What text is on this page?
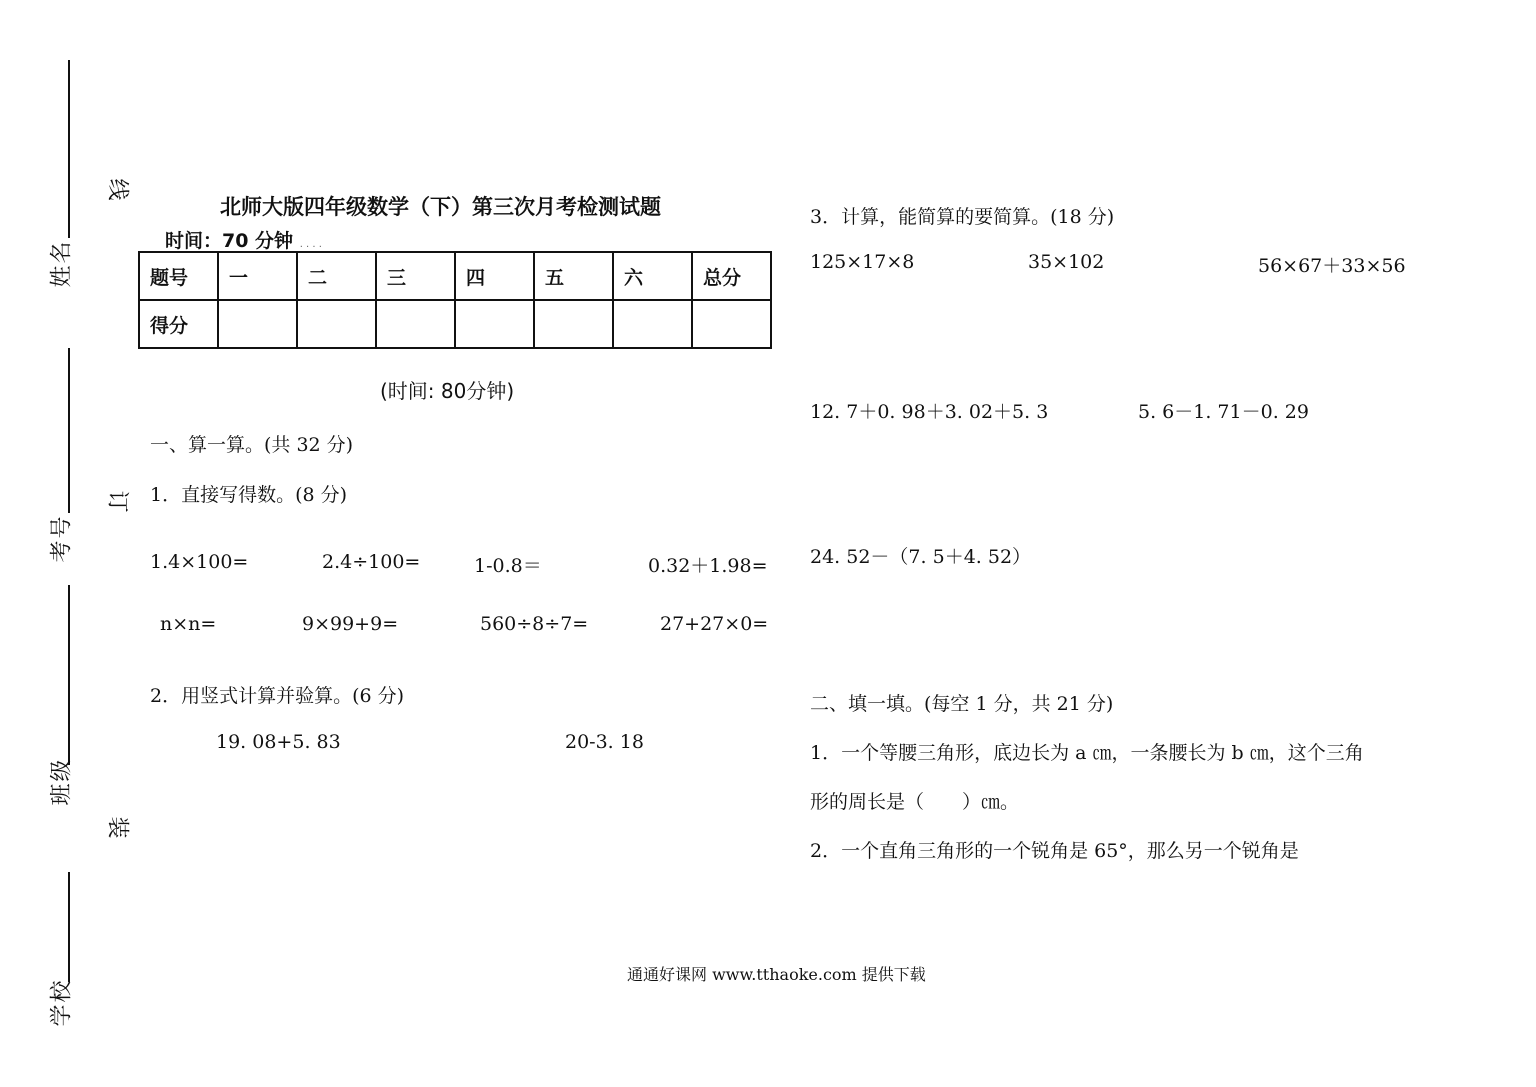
姓名
考号
班级
学校
线
订
装
北师大版四年级数学（下）第三次月考检测试题
时间：70 分钟 . . . .
题号	一	二	三	四	五	六	总分
得分							
(时间: 80分钟)
一、算一算。(共 32 分)
1．直接写得数。(8 分)
1.4×100=	2.4÷100=	1-0.8＝	0.32＋1.98=
n×n=	9×99+9=	560÷8÷7=	27+27×0=
2．用竖式计算并验算。(6 分)
19. 08+5. 83	20-3. 18
3．计算，能简算的要简算。(18 分)
125×17×8	35×102	56×67＋33×56
12. 7＋0. 98＋3. 02＋5. 3	5. 6－1. 71－0. 29
24. 52－（7. 5＋4. 52）
二、填一填。(每空 1 分，共 21 分)
1．一个等腰三角形，底边长为 a ㎝，一条腰长为 b ㎝，这个三角
形的周长是（　　）㎝。
2．一个直角三角形的一个锐角是 65°，那么另一个锐角是
通通好课网 www.tthaoke.com 提供下载
